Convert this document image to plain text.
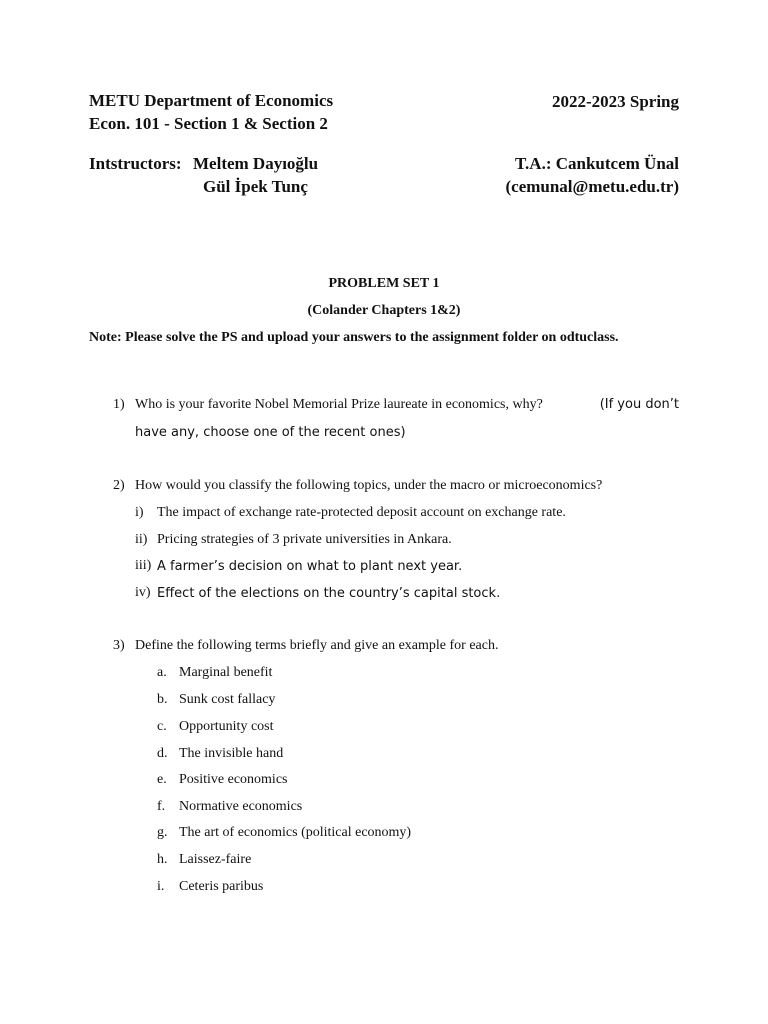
METU Department of Economics
Econ. 101 - Section 1 & Section 2
2022-2023 Spring
Intstructors: Meltem Dayıoğlu
Gül İpek Tunç
T.A.: Cankutcem Ünal
(cemunal@metu.edu.tr)
PROBLEM SET 1
(Colander Chapters 1&2)
Note: Please solve the PS and upload your answers to the assignment folder on odtuclass.
1) Who is your favorite Nobel Memorial Prize laureate in economics, why?	(If you don’t
have any, choose one of the recent ones)
2) How would you classify the following topics, under the macro or microeconomics?
i) The impact of exchange rate-protected deposit account on exchange rate.
ii) Pricing strategies of 3 private universities in Ankara.
iii) A farmer’s decision on what to plant next year.
iv) Effect of the elections on the country’s capital stock.
3) Define the following terms briefly and give an example for each.
a. Marginal benefit
b. Sunk cost fallacy
c. Opportunity cost
d. The invisible hand
e. Positive economics
f. Normative economics
g. The art of economics (political economy)
h. Laissez-faire
i. Ceteris paribus
